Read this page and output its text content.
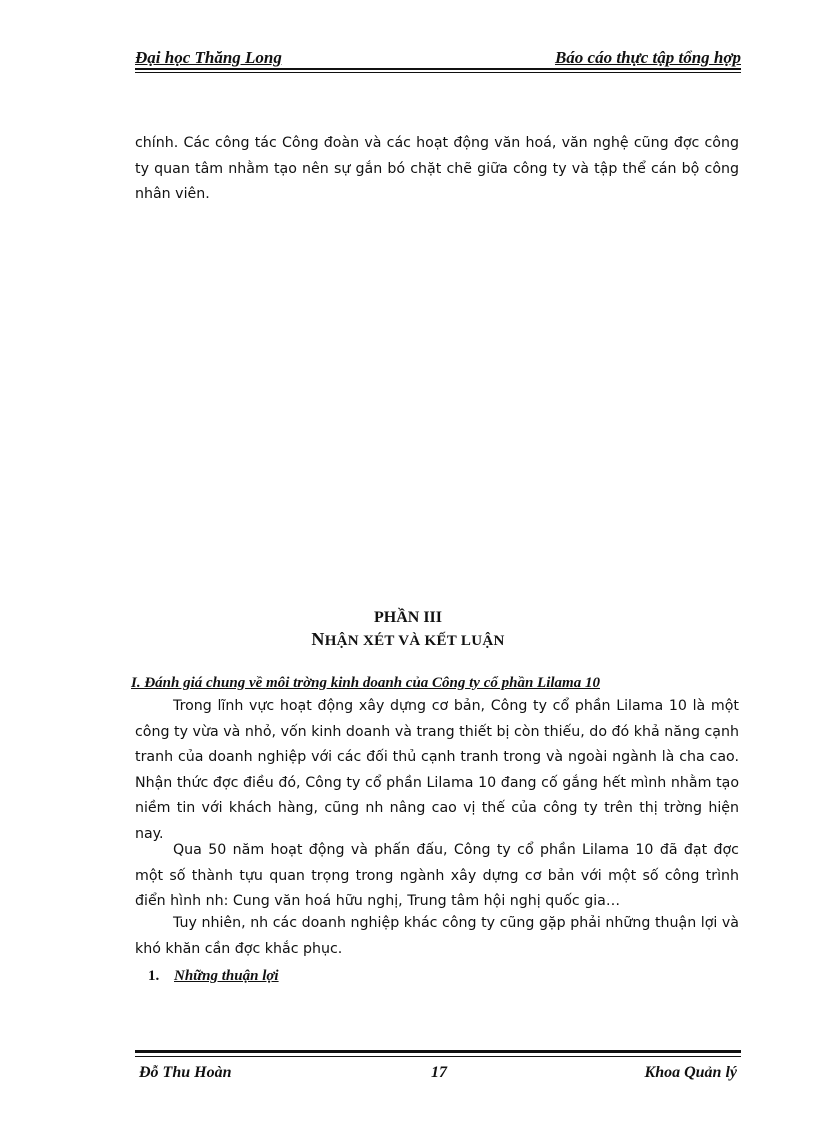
Đại học Thăng Long	Báo cáo thực tập tổng hợp
chính. Các công tác Công đoàn và các hoạt động văn hoá, văn nghệ cũng đợc công ty quan tâm nhằm tạo nên sự gắn bó chặt chẽ giữa công ty và tập thể cán bộ công nhân viên.
PHẦN III
NHẬN XÉT VÀ KẾT LUẬN
I. Đánh giá chung về môi trờng kinh doanh của Công ty cổ phần Lilama 10
Trong lĩnh vực hoạt động xây dựng cơ bản, Công ty cổ phần Lilama 10 là một công ty vừa và nhỏ, vốn kinh doanh và trang thiết bị còn thiếu, do đó khả năng cạnh tranh của doanh nghiệp với các đối thủ cạnh tranh trong và ngoài ngành là cha cao. Nhận thức đợc điều đó, Công ty cổ phần Lilama 10 đang cố gắng hết mình nhằm tạo niềm tin với khách hàng, cũng nh nâng cao vị thế của công ty trên thị trờng hiện nay.
Qua 50 năm hoạt động và phấn đấu, Công ty cổ phần Lilama 10 đã đạt đợc một số thành tựu quan trọng trong ngành xây dựng cơ bản với một số công trình điển hình nh: Cung văn hoá hữu nghị, Trung tâm hội nghị quốc gia…
Tuy nhiên, nh các doanh nghiệp khác công ty cũng gặp phải những thuận lợi và khó khăn cần đợc khắc phục.
1. Những thuận lợi
Đỗ Thu Hoàn	17	Khoa Quản lý
